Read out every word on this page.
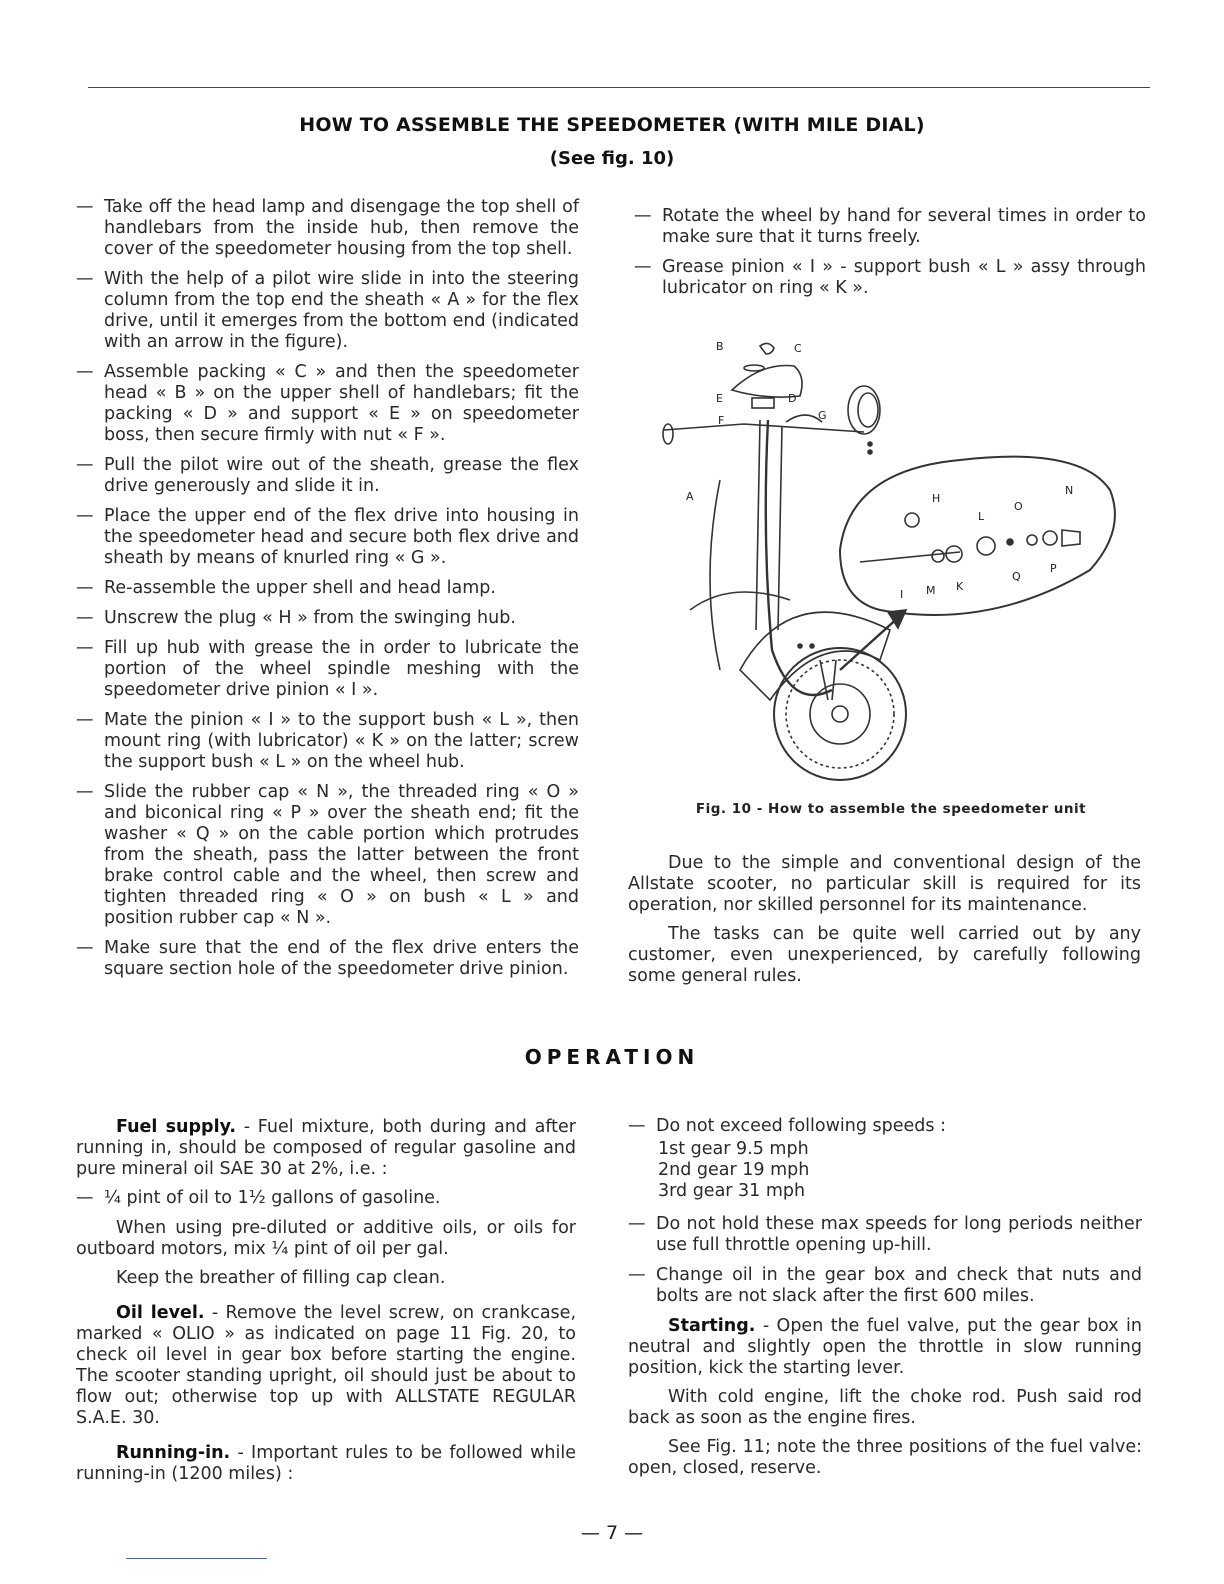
HOW TO ASSEMBLE THE SPEEDOMETER (WITH MILE DIAL)
(See fig. 10)
— Take off the head lamp and disengage the top shell of handlebars from the inside hub, then remove the cover of the speedometer housing from the top shell.
— With the help of a pilot wire slide in into the steering column from the top end the sheath « A » for the flex drive, until it emerges from the bottom end (indicated with an arrow in the figure).
— Assemble packing « C » and then the speedometer head « B » on the upper shell of handlebars; fit the packing « D » and support « E » on speedometer boss, then secure firmly with nut « F ».
— Pull the pilot wire out of the sheath, grease the flex drive generously and slide it in.
— Place the upper end of the flex drive into housing in the speedometer head and secure both flex drive and sheath by means of knurled ring « G ».
— Re-assemble the upper shell and head lamp.
— Unscrew the plug « H » from the swinging hub.
— Fill up hub with grease the in order to lubricate the portion of the wheel spindle meshing with the speedometer drive pinion « I ».
— Mate the pinion « I » to the support bush « L », then mount ring (with lubricator) « K » on the latter; screw the support bush « L » on the wheel hub.
— Slide the rubber cap « N », the threaded ring « O » and biconical ring « P » over the sheath end; fit the washer « Q » on the cable portion which protrudes from the sheath, pass the latter between the front brake control cable and the wheel, then screw and tighten threaded ring « O » on bush « L » and position rubber cap « N ».
— Make sure that the end of the flex drive enters the square section hole of the speedometer drive pinion.
— Rotate the wheel by hand for several times in order to make sure that it turns freely.
— Grease pinion « I » - support bush « L » assy through lubricator on ring « K ».
B	C
E	D
F	G
A	H
L
O
N
I M K
Q
P
Fig. 10 - How to assemble the speedometer unit

Due to the simple and conventional design of the Allstate scooter, no particular skill is required for its operation, nor skilled personnel for its maintenance.

The tasks can be quite well carried out by any customer, even unexperienced, by carefully following some general rules.

OPERATION

Fuel supply. - Fuel mixture, both during and after running in, should be composed of regular gasoline and pure mineral oil SAE 30 at 2%, i.e. :

— ¼ pint of oil to 1½ gallons of gasoline.

When using pre-diluted or additive oils, or oils for outboard motors, mix ¼ pint of oil per gal.

Keep the breather of filling cap clean.

Oil level. - Remove the level screw, on crankcase, marked « OLIO » as indicated on page 11 Fig. 20, to check oil level in gear box before starting the engine. The scooter standing upright, oil should just be about to flow out; otherwise top up with ALLSTATE REGULAR S.A.E. 30.

Running-in. - Important rules to be followed while running-in (1200 miles) :

— Do not exceed following speeds :
1st gear 9.5 mph
2nd gear 19 mph
3rd gear 31 mph
— Do not hold these max speeds for long periods neither use full throttle opening up-hill.
— Change oil in the gear box and check that nuts and bolts are not slack after the first 600 miles.

Starting. - Open the fuel valve, put the gear box in neutral and slightly open the throttle in slow running position, kick the starting lever.

With cold engine, lift the choke rod. Push said rod back as soon as the engine fires.

See Fig. 11; note the three positions of the fuel valve: open, closed, reserve.

— 7 —
